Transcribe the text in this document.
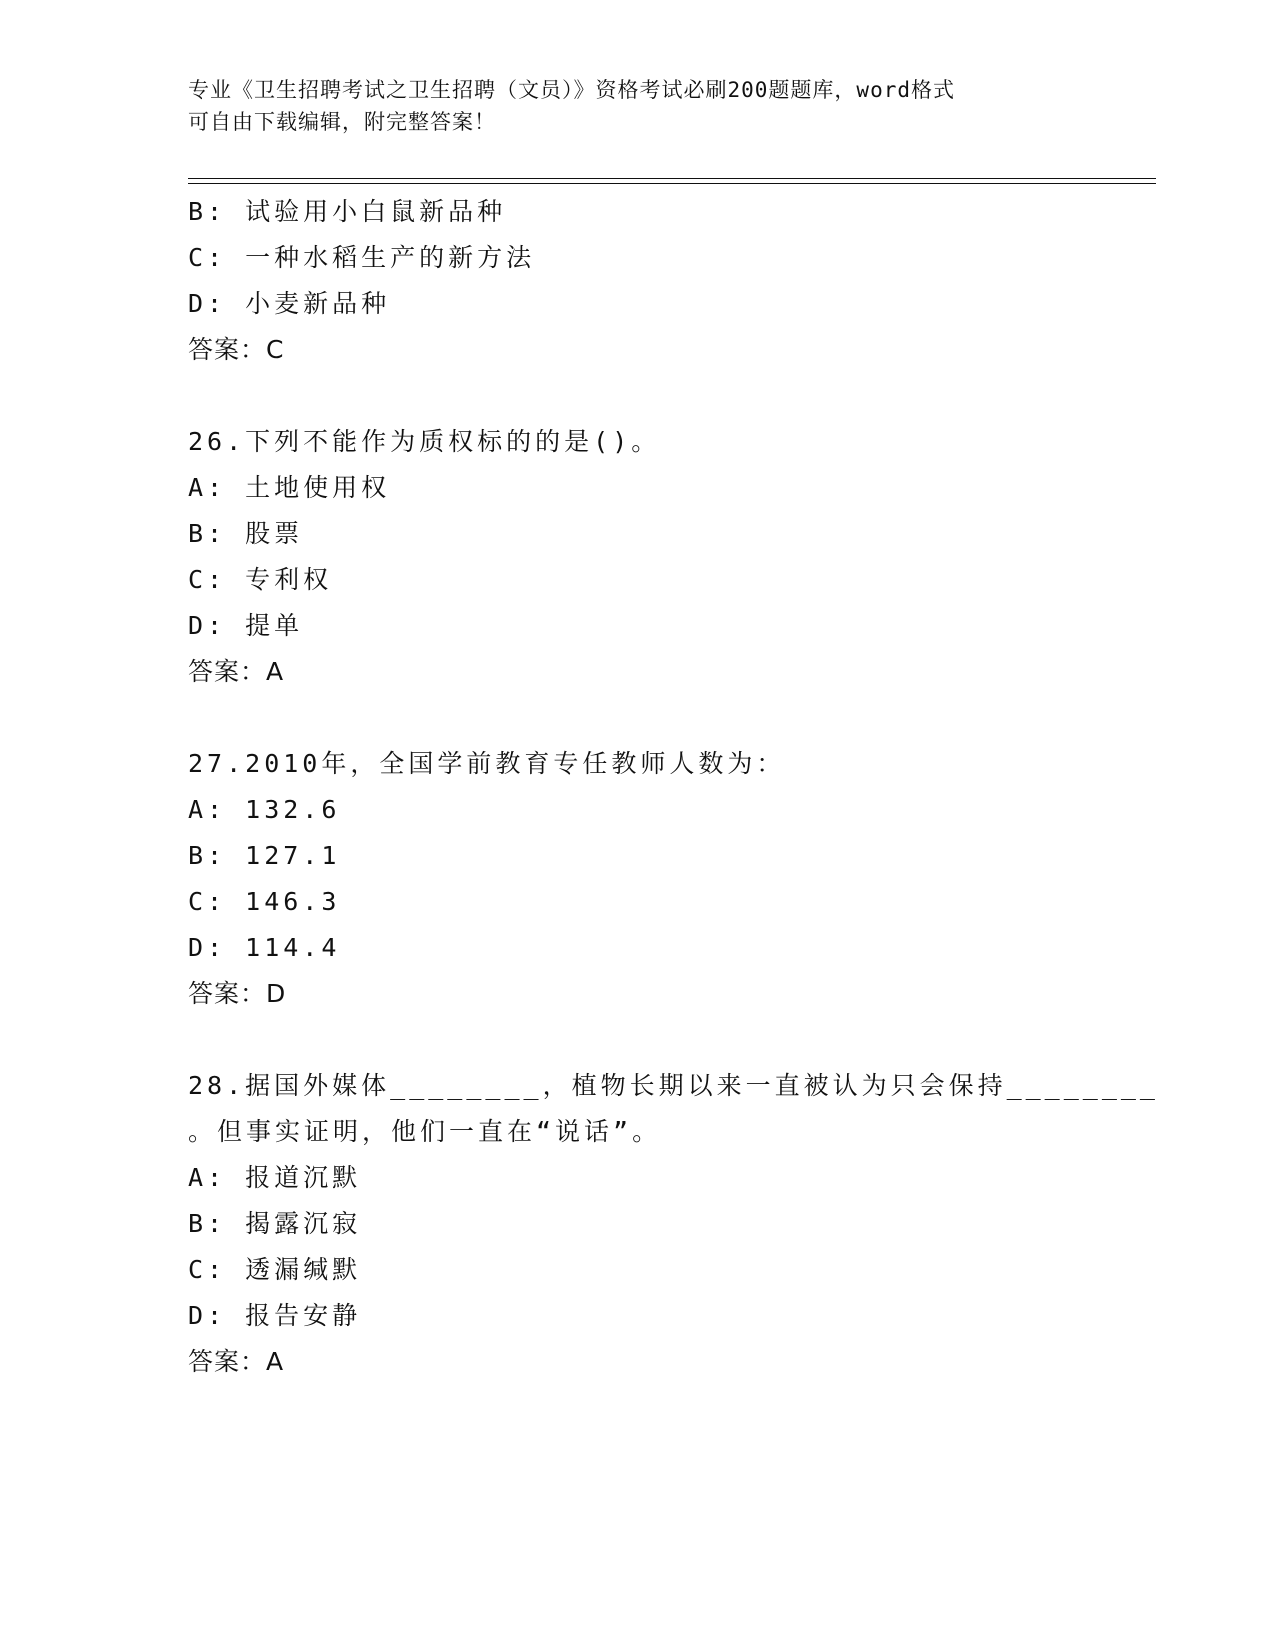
专业《卫生招聘考试之卫生招聘（文员）》资格考试必刷200题题库，word格式
可自由下载编辑，附完整答案！
B: 试验用小白鼠新品种
C: 一种水稻生产的新方法
D: 小麦新品种
答案：C
26.下列不能作为质权标的的是()。
A: 土地使用权
B: 股票
C: 专利权
D: 提单
答案：A
27.2010年，全国学前教育专任教师人数为：
A: 132.6
B: 127.1
C: 146.3
D: 114.4
答案：D
28.据国外媒体________，植物长期以来一直被认为只会保持________
。但事实证明，他们一直在“说话”。
A: 报道沉默
B: 揭露沉寂
C: 透漏缄默
D: 报告安静
答案：A
